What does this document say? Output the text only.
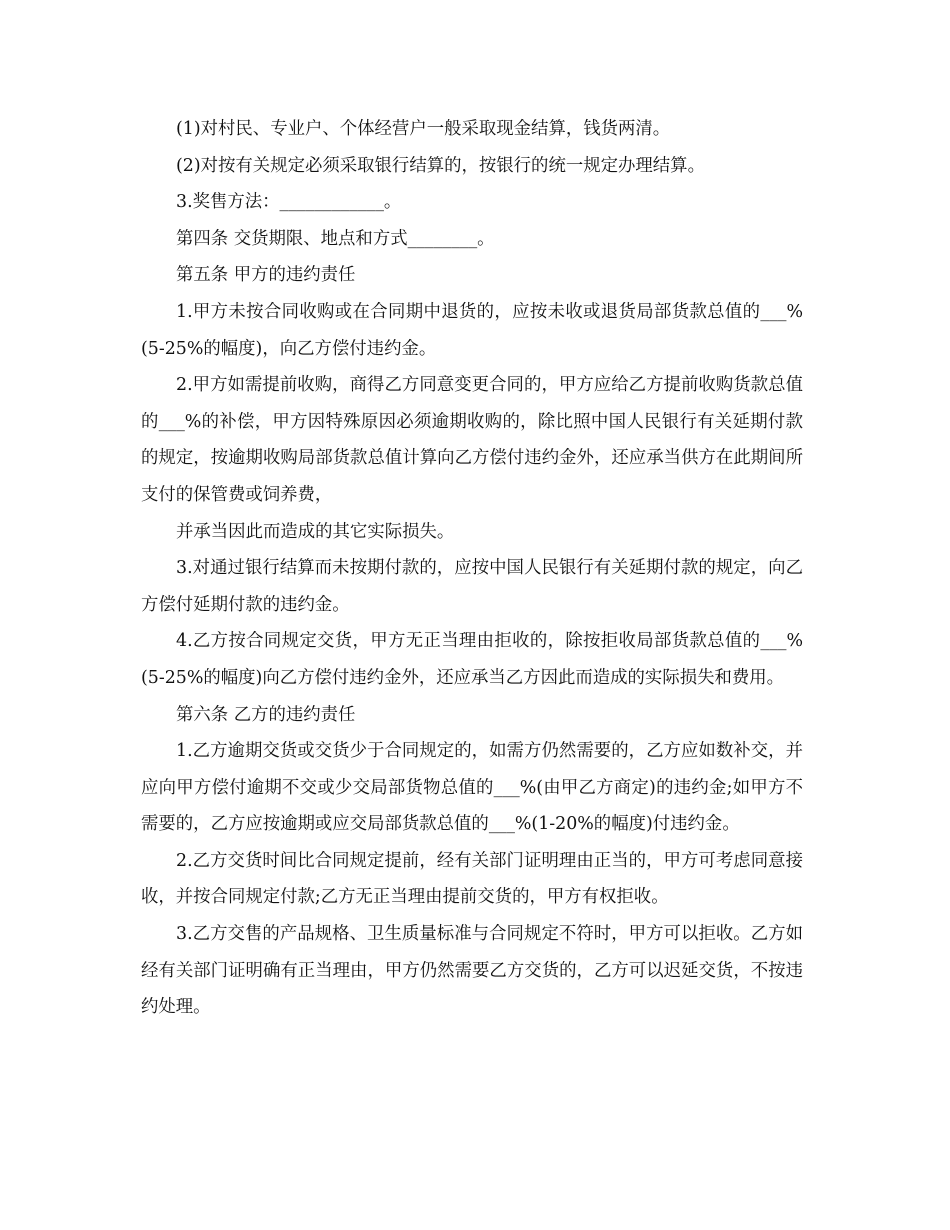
(1)对村民、专业户、个体经营户一般采取现金结算，钱货两清。

(2)对按有关规定必须采取银行结算的，按银行的统一规定办理结算。

3.奖售方法：____________。

第四条 交货期限、地点和方式________。

第五条 甲方的违约责任

1.甲方未按合同收购或在合同期中退货的，应按未收或退货局部货款总值的___%(5-25%的幅度)，向乙方偿付违约金。

2.甲方如需提前收购，商得乙方同意变更合同的，甲方应给乙方提前收购货款总值的___%的补偿，甲方因特殊原因必须逾期收购的，除比照中国人民银行有关延期付款的规定，按逾期收购局部货款总值计算向乙方偿付违约金外，还应承当供方在此期间所支付的保管费或饲养费，

并承当因此而造成的其它实际损失。

3.对通过银行结算而未按期付款的，应按中国人民银行有关延期付款的规定，向乙方偿付延期付款的违约金。

4.乙方按合同规定交货，甲方无正当理由拒收的，除按拒收局部货款总值的___%(5-25%的幅度)向乙方偿付违约金外，还应承当乙方因此而造成的实际损失和费用。

第六条 乙方的违约责任

1.乙方逾期交货或交货少于合同规定的，如需方仍然需要的，乙方应如数补交，并应向甲方偿付逾期不交或少交局部货物总值的___%(由甲乙方商定)的违约金;如甲方不需要的，乙方应按逾期或应交局部货款总值的___%(1-20%的幅度)付违约金。

2.乙方交货时间比合同规定提前，经有关部门证明理由正当的，甲方可考虑同意接收，并按合同规定付款;乙方无正当理由提前交货的，甲方有权拒收。

3.乙方交售的产品规格、卫生质量标准与合同规定不符时，甲方可以拒收。乙方如经有关部门证明确有正当理由，甲方仍然需要乙方交货的，乙方可以迟延交货，不按违约处理。
